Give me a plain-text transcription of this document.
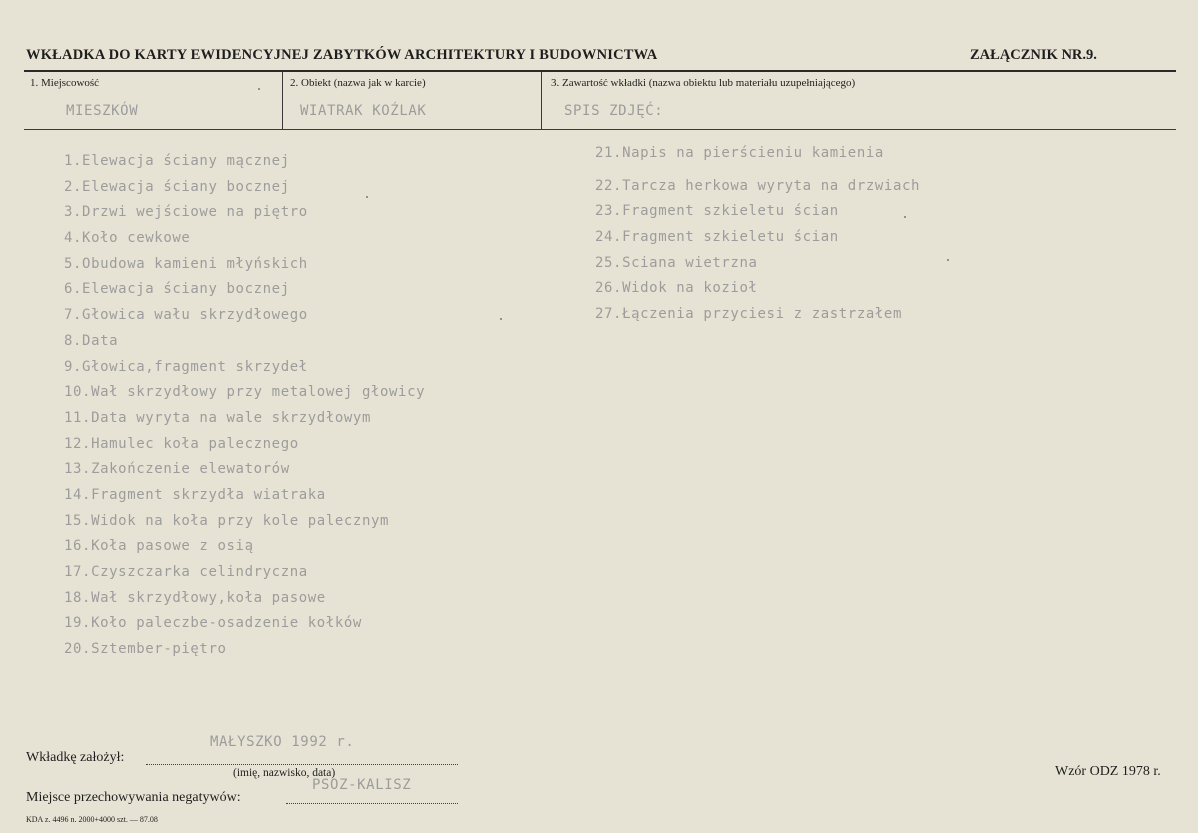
WKŁADKA DO KARTY EWIDENCYJNEJ ZABYTKÓW ARCHITEKTURY I BUDOWNICTWA	ZAŁĄCZNIK NR.9.
1. Miejscowość	2. Obiekt (nazwa jak w karcie)	3. Zawartość wkładki (nazwa obiektu lub materiału uzupełniającego)
MIESZKÓW	WIATRAK KOŹLAK	SPIS ZDJĘĆ:
1.Elewacja ściany mącznej
2.Elewacja ściany bocznej
3.Drzwi wejściowe na piętro
4.Koło cewkowe
5.Obudowa kamieni młyńskich
6.Elewacja ściany bocznej
7.Głowica wału skrzydłowego
8.Data
9.Głowica,fragment skrzydeł
10.Wał skrzydłowy przy metalowej głowicy
11.Data wyryta na wale skrzydłowym
12.Hamulec koła palecznego
13.Zakończenie elewatorów
14.Fragment skrzydła wiatraka
15.Widok na koła przy kole palecznym
16.Koła pasowe z osią
17.Czyszczarka celindryczna
18.Wał skrzydłowy,koła pasowe
19.Koło paleczbe-osadzenie kołków
20.Sztember-piętro
21.Napis na pierścieniu kamienia
22.Tarcza herkowa wyryta na drzwiach
23.Fragment szkieletu ścian
24.Fragment szkieletu ścian
25.Sciana wietrzna
26.Widok na kozioł
27.Łączenia przyciesi z zastrzałem
MAŁYSZKO 1992 r.
Wkładkę założył:
(imię, nazwisko, data)
PSOZ-KALISZ
Miejsce przechowywania negatywów:
Wzór ODZ 1978 r.
KDA z. 4496 n. 2000+4000 szt. — 87.08
